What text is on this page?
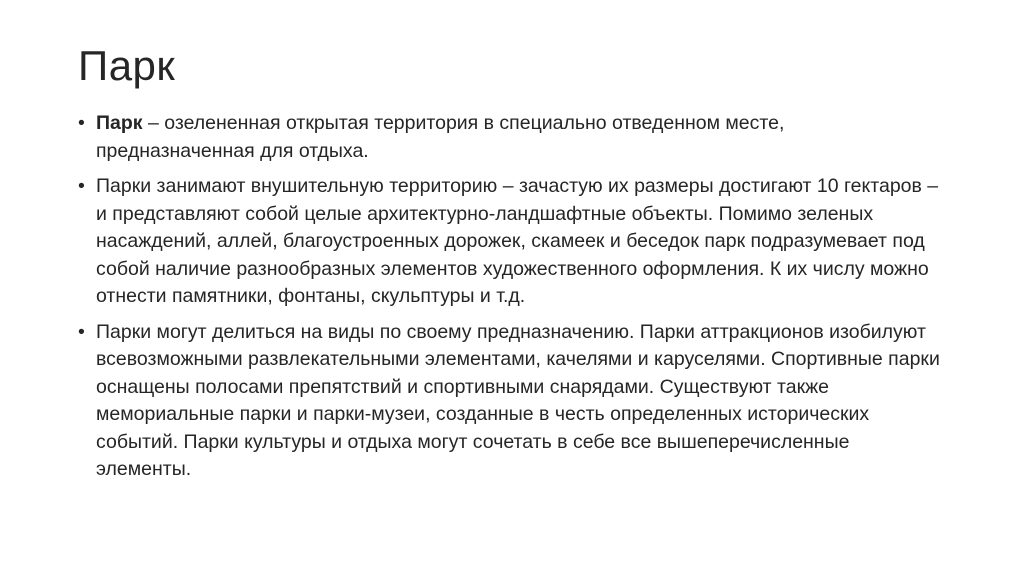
Парк
• Парк – озелененная открытая территория в специально отведенном месте, предназначенная для отдыха.
• Парки занимают внушительную территорию – зачастую их размеры достигают 10 гектаров – и представляют собой целые архитектурно-ландшафтные объекты. Помимо зеленых насаждений, аллей, благоустроенных дорожек, скамеек и беседок парк подразумевает под собой наличие разнообразных элементов художественного оформления. К их числу можно отнести памятники, фонтаны, скульптуры и т.д.
• Парки могут делиться на виды по своему предназначению. Парки аттракционов изобилуют всевозможными развлекательными элементами, качелями и каруселями. Спортивные парки оснащены полосами препятствий и спортивными снарядами. Существуют также мемориальные парки и парки-музеи, созданные в честь определенных исторических событий. Парки культуры и отдыха могут сочетать в себе все вышеперечисленные элементы.
